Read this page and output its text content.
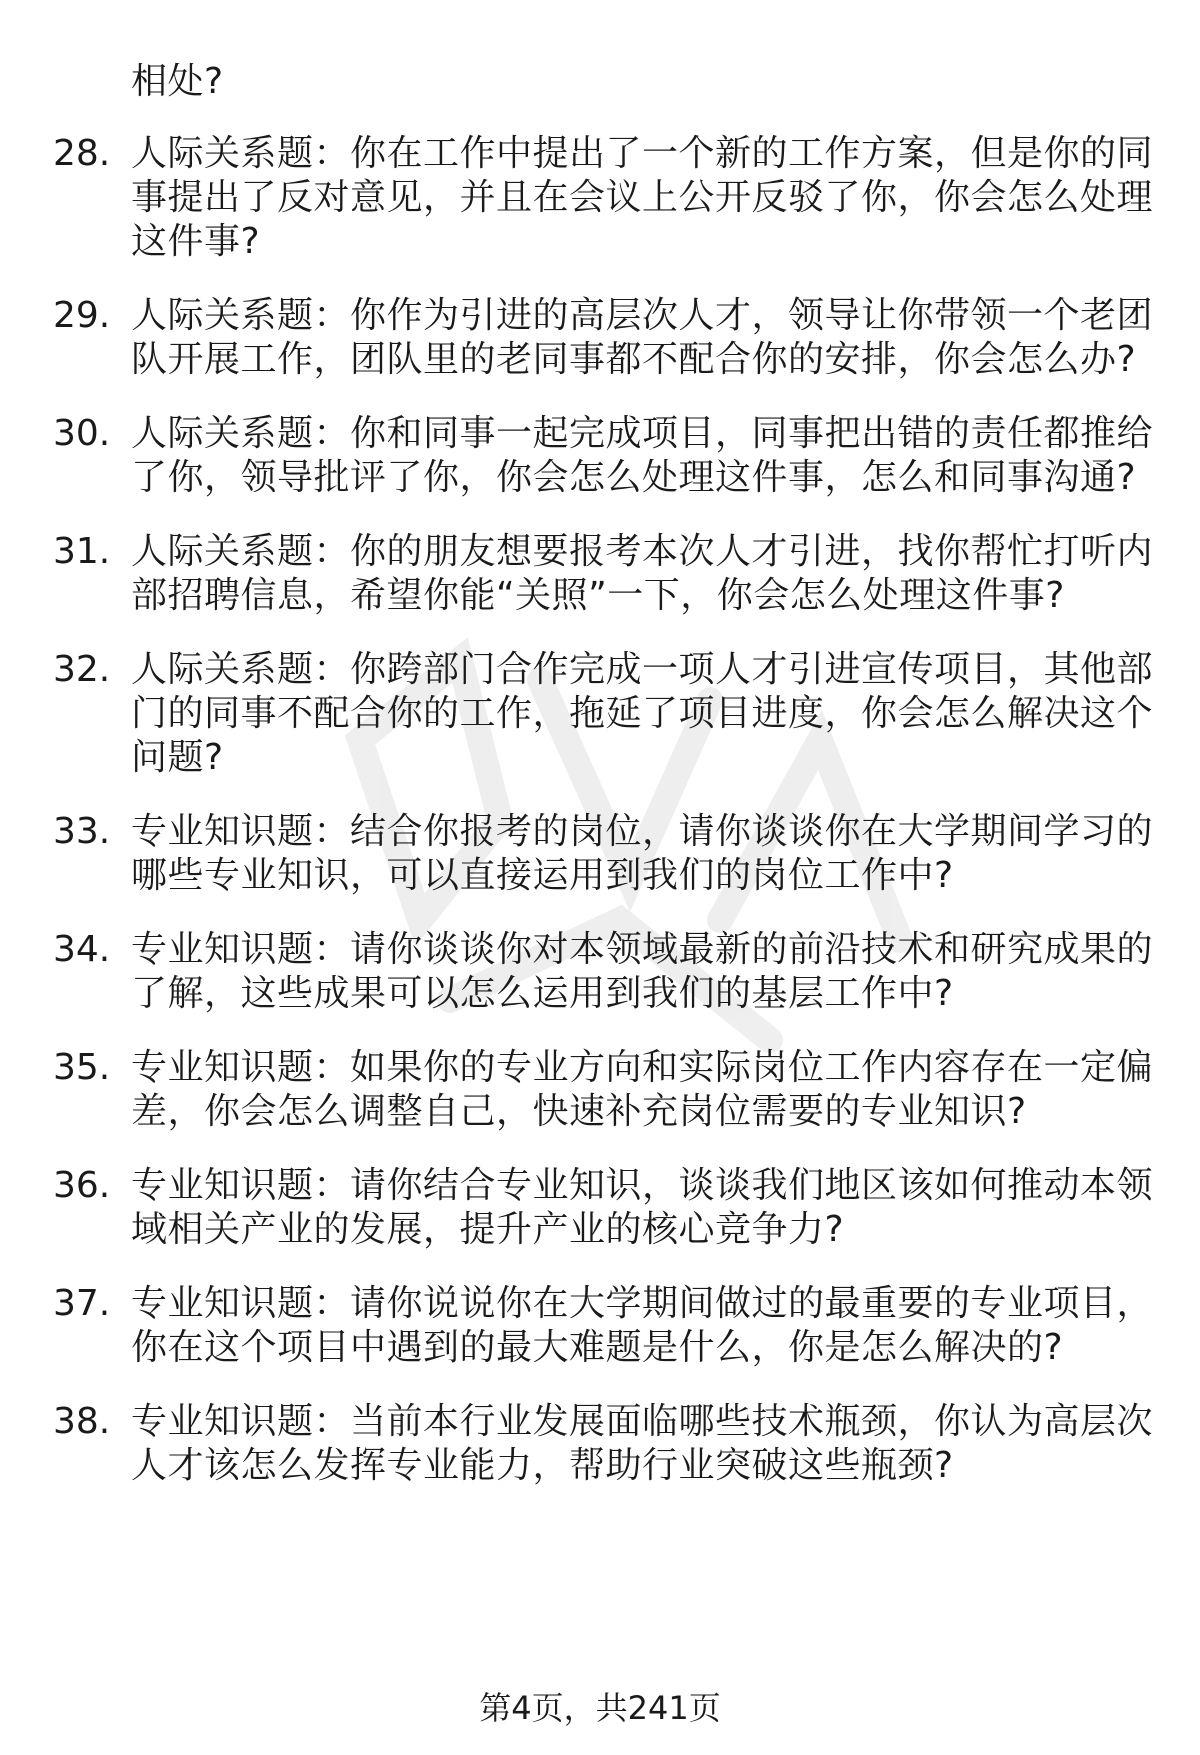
相处?
28. 人际关系题：你在工作中提出了一个新的工作方案，但是你的同
事提出了反对意见，并且在会议上公开反驳了你，你会怎么处理
这件事?
29. 人际关系题：你作为引进的高层次人才，领导让你带领一个老团
队开展工作，团队里的老同事都不配合你的安排，你会怎么办?
30. 人际关系题：你和同事一起完成项目，同事把出错的责任都推给
了你，领导批评了你，你会怎么处理这件事，怎么和同事沟通?
31. 人际关系题：你的朋友想要报考本次人才引进，找你帮忙打听内
部招聘信息，希望你能“关照”一下，你会怎么处理这件事?
32. 人际关系题：你跨部门合作完成一项人才引进宣传项目，其他部
门的同事不配合你的工作，拖延了项目进度，你会怎么解决这个
问题?
33. 专业知识题：结合你报考的岗位，请你谈谈你在大学期间学习的
哪些专业知识，可以直接运用到我们的岗位工作中?
34. 专业知识题：请你谈谈你对本领域最新的前沿技术和研究成果的
了解，这些成果可以怎么运用到我们的基层工作中?
35. 专业知识题：如果你的专业方向和实际岗位工作内容存在一定偏
差，你会怎么调整自己，快速补充岗位需要的专业知识?
36. 专业知识题：请你结合专业知识，谈谈我们地区该如何推动本领
域相关产业的发展，提升产业的核心竞争力?
37. 专业知识题：请你说说你在大学期间做过的最重要的专业项目，
你在这个项目中遇到的最大难题是什么，你是怎么解决的?
38. 专业知识题：当前本行业发展面临哪些技术瓶颈，你认为高层次
人才该怎么发挥专业能力，帮助行业突破这些瓶颈?
第4页，共241页
